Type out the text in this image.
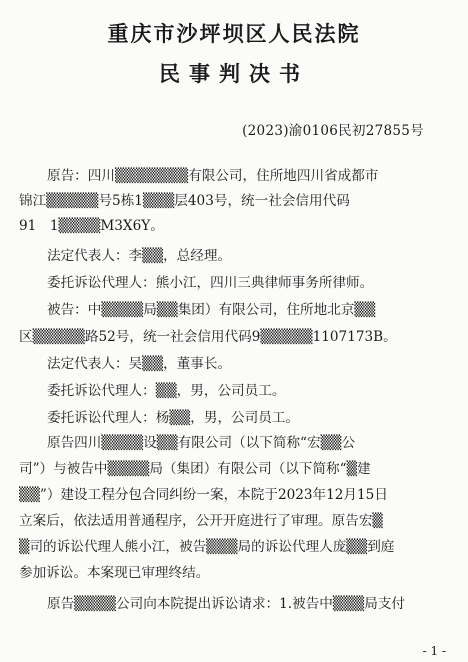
重庆市沙坪坝区人民法院
民事判决书
(2023)渝0106民初27855号
原告：四川▒▒▒▒▒▒▒有限公司，住所地四川省成都市
锦江▒▒▒▒▒号5栋1▒▒▒层403号，统一社会信用代码
91　1▒▒▒▒M3X6Y。
法定代表人：李▒▒，总经理。
委托诉讼代理人：熊小江，四川三典律师事务所律师。
被告：中▒▒▒▒局▒▒集团）有限公司，住所地北京▒▒
区▒▒▒▒▒路52号，统一社会信用代码9▒▒▒▒▒1107173B。
法定代表人：吴▒▒，董事长。
委托诉讼代理人：▒▒，男，公司员工。
委托诉讼代理人：杨▒▒，男，公司员工。
原告四川▒▒▒▒设▒▒有限公司（以下简称“宏▒▒公
司”）与被告中▒▒▒▒局（集团）有限公司（以下简称“▒建
▒▒”）建设工程分包合同纠纷一案，本院于2023年12月15日
立案后，依法适用普通程序，公开开庭进行了审理。原告宏▒
▒司的诉讼代理人熊小江，被告▒▒▒局的诉讼代理人庞▒▒到庭
参加诉讼。本案现已审理终结。
原告▒▒▒▒公司向本院提出诉讼请求：1.被告中▒▒▒局支付
- 1 -
